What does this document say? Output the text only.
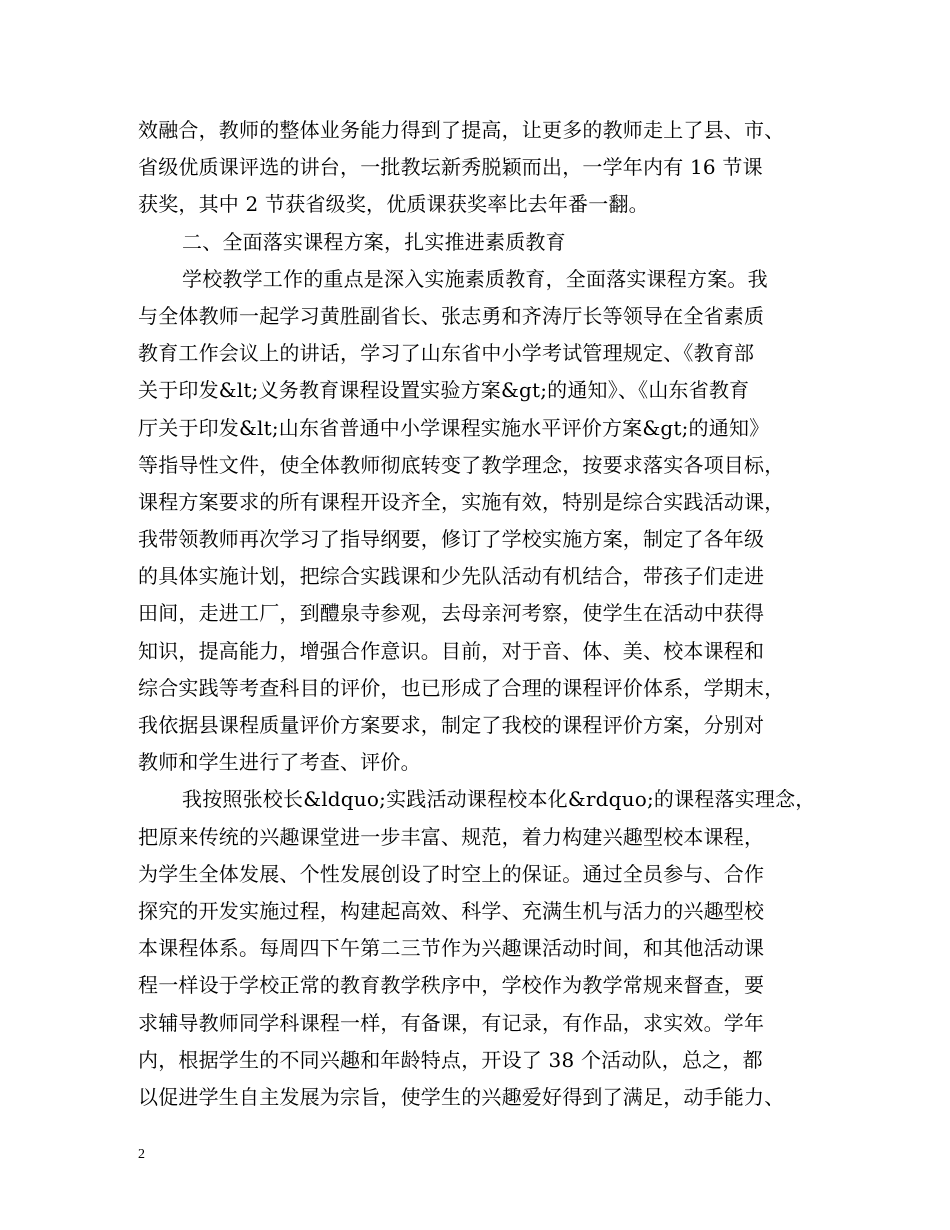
效融合，教师的整体业务能力得到了提高，让更多的教师走上了县、市、
省级优质课评选的讲台，一批教坛新秀脱颖而出，一学年内有 16 节课
获奖，其中 2 节获省级奖，优质课获奖率比去年番一翻。
二、全面落实课程方案，扎实推进素质教育
学校教学工作的重点是深入实施素质教育，全面落实课程方案。我
与全体教师一起学习黄胜副省长、张志勇和齐涛厅长等领导在全省素质
教育工作会议上的讲话，学习了山东省中小学考试管理规定、《教育部
关于印发&lt;义务教育课程设置实验方案&gt;的通知》、《山东省教育
厅关于印发&lt;山东省普通中小学课程实施水平评价方案&gt;的通知》
等指导性文件，使全体教师彻底转变了教学理念，按要求落实各项目标，
课程方案要求的所有课程开设齐全，实施有效，特别是综合实践活动课，
我带领教师再次学习了指导纲要，修订了学校实施方案，制定了各年级
的具体实施计划，把综合实践课和少先队活动有机结合，带孩子们走进
田间，走进工厂，到醴泉寺参观，去母亲河考察，使学生在活动中获得
知识，提高能力，增强合作意识。目前，对于音、体、美、校本课程和
综合实践等考查科目的评价，也已形成了合理的课程评价体系，学期末，
我依据县课程质量评价方案要求，制定了我校的课程评价方案，分别对
教师和学生进行了考查、评价。
我按照张校长&ldquo;实践活动课程校本化&rdquo;的课程落实理念，
把原来传统的兴趣课堂进一步丰富、规范，着力构建兴趣型校本课程，
为学生全体发展、个性发展创设了时空上的保证。通过全员参与、合作
探究的开发实施过程，构建起高效、科学、充满生机与活力的兴趣型校
本课程体系。每周四下午第二三节作为兴趣课活动时间，和其他活动课
程一样设于学校正常的教育教学秩序中，学校作为教学常规来督查，要
求辅导教师同学科课程一样，有备课，有记录，有作品，求实效。学年
内，根据学生的不同兴趣和年龄特点，开设了 38 个活动队，总之，都
以促进学生自主发展为宗旨，使学生的兴趣爱好得到了满足，动手能力、
2
